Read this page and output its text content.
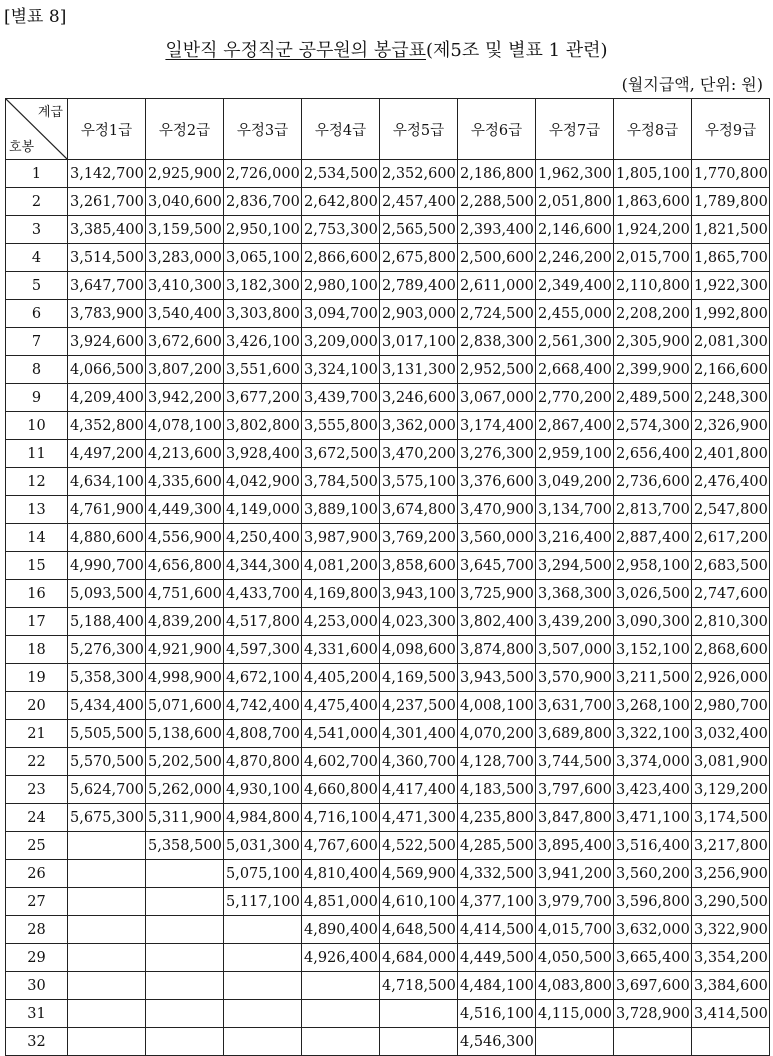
[별표 8]
일반직 우정직군 공무원의 봉급표(제5조 및 별표 1 관련)
(월지급액, 단위: 원)
계급
호봉	우정1급	우정2급	우정3급	우정4급	우정5급	우정6급	우정7급	우정8급	우정9급
1	3,142,700	2,925,900	2,726,000	2,534,500	2,352,600	2,186,800	1,962,300	1,805,100	1,770,800
2	3,261,700	3,040,600	2,836,700	2,642,800	2,457,400	2,288,500	2,051,800	1,863,600	1,789,800
3	3,385,400	3,159,500	2,950,100	2,753,300	2,565,500	2,393,400	2,146,600	1,924,200	1,821,500
4	3,514,500	3,283,000	3,065,100	2,866,600	2,675,800	2,500,600	2,246,200	2,015,700	1,865,700
5	3,647,700	3,410,300	3,182,300	2,980,100	2,789,400	2,611,000	2,349,400	2,110,800	1,922,300
6	3,783,900	3,540,400	3,303,800	3,094,700	2,903,000	2,724,500	2,455,000	2,208,200	1,992,800
7	3,924,600	3,672,600	3,426,100	3,209,000	3,017,100	2,838,300	2,561,300	2,305,900	2,081,300
8	4,066,500	3,807,200	3,551,600	3,324,100	3,131,300	2,952,500	2,668,400	2,399,900	2,166,600
9	4,209,400	3,942,200	3,677,200	3,439,700	3,246,600	3,067,000	2,770,200	2,489,500	2,248,300
10	4,352,800	4,078,100	3,802,800	3,555,800	3,362,000	3,174,400	2,867,400	2,574,300	2,326,900
11	4,497,200	4,213,600	3,928,400	3,672,500	3,470,200	3,276,300	2,959,100	2,656,400	2,401,800
12	4,634,100	4,335,600	4,042,900	3,784,500	3,575,100	3,376,600	3,049,200	2,736,600	2,476,400
13	4,761,900	4,449,300	4,149,000	3,889,100	3,674,800	3,470,900	3,134,700	2,813,700	2,547,800
14	4,880,600	4,556,900	4,250,400	3,987,900	3,769,200	3,560,000	3,216,400	2,887,400	2,617,200
15	4,990,700	4,656,800	4,344,300	4,081,200	3,858,600	3,645,700	3,294,500	2,958,100	2,683,500
16	5,093,500	4,751,600	4,433,700	4,169,800	3,943,100	3,725,900	3,368,300	3,026,500	2,747,600
17	5,188,400	4,839,200	4,517,800	4,253,000	4,023,300	3,802,400	3,439,200	3,090,300	2,810,300
18	5,276,300	4,921,900	4,597,300	4,331,600	4,098,600	3,874,800	3,507,000	3,152,100	2,868,600
19	5,358,300	4,998,900	4,672,100	4,405,200	4,169,500	3,943,500	3,570,900	3,211,500	2,926,000
20	5,434,400	5,071,600	4,742,400	4,475,400	4,237,500	4,008,100	3,631,700	3,268,100	2,980,700
21	5,505,500	5,138,600	4,808,700	4,541,000	4,301,400	4,070,200	3,689,800	3,322,100	3,032,400
22	5,570,500	5,202,500	4,870,800	4,602,700	4,360,700	4,128,700	3,744,500	3,374,000	3,081,900
23	5,624,700	5,262,000	4,930,100	4,660,800	4,417,400	4,183,500	3,797,600	3,423,400	3,129,200
24	5,675,300	5,311,900	4,984,800	4,716,100	4,471,300	4,235,800	3,847,800	3,471,100	3,174,500
25		5,358,500	5,031,300	4,767,600	4,522,500	4,285,500	3,895,400	3,516,400	3,217,800
26			5,075,100	4,810,400	4,569,900	4,332,500	3,941,200	3,560,200	3,256,900
27			5,117,100	4,851,000	4,610,100	4,377,100	3,979,700	3,596,800	3,290,500
28				4,890,400	4,648,500	4,414,500	4,015,700	3,632,000	3,322,900
29				4,926,400	4,684,000	4,449,500	4,050,500	3,665,400	3,354,200
30					4,718,500	4,484,100	4,083,800	3,697,600	3,384,600
31						4,516,100	4,115,000	3,728,900	3,414,500
32						4,546,300			
